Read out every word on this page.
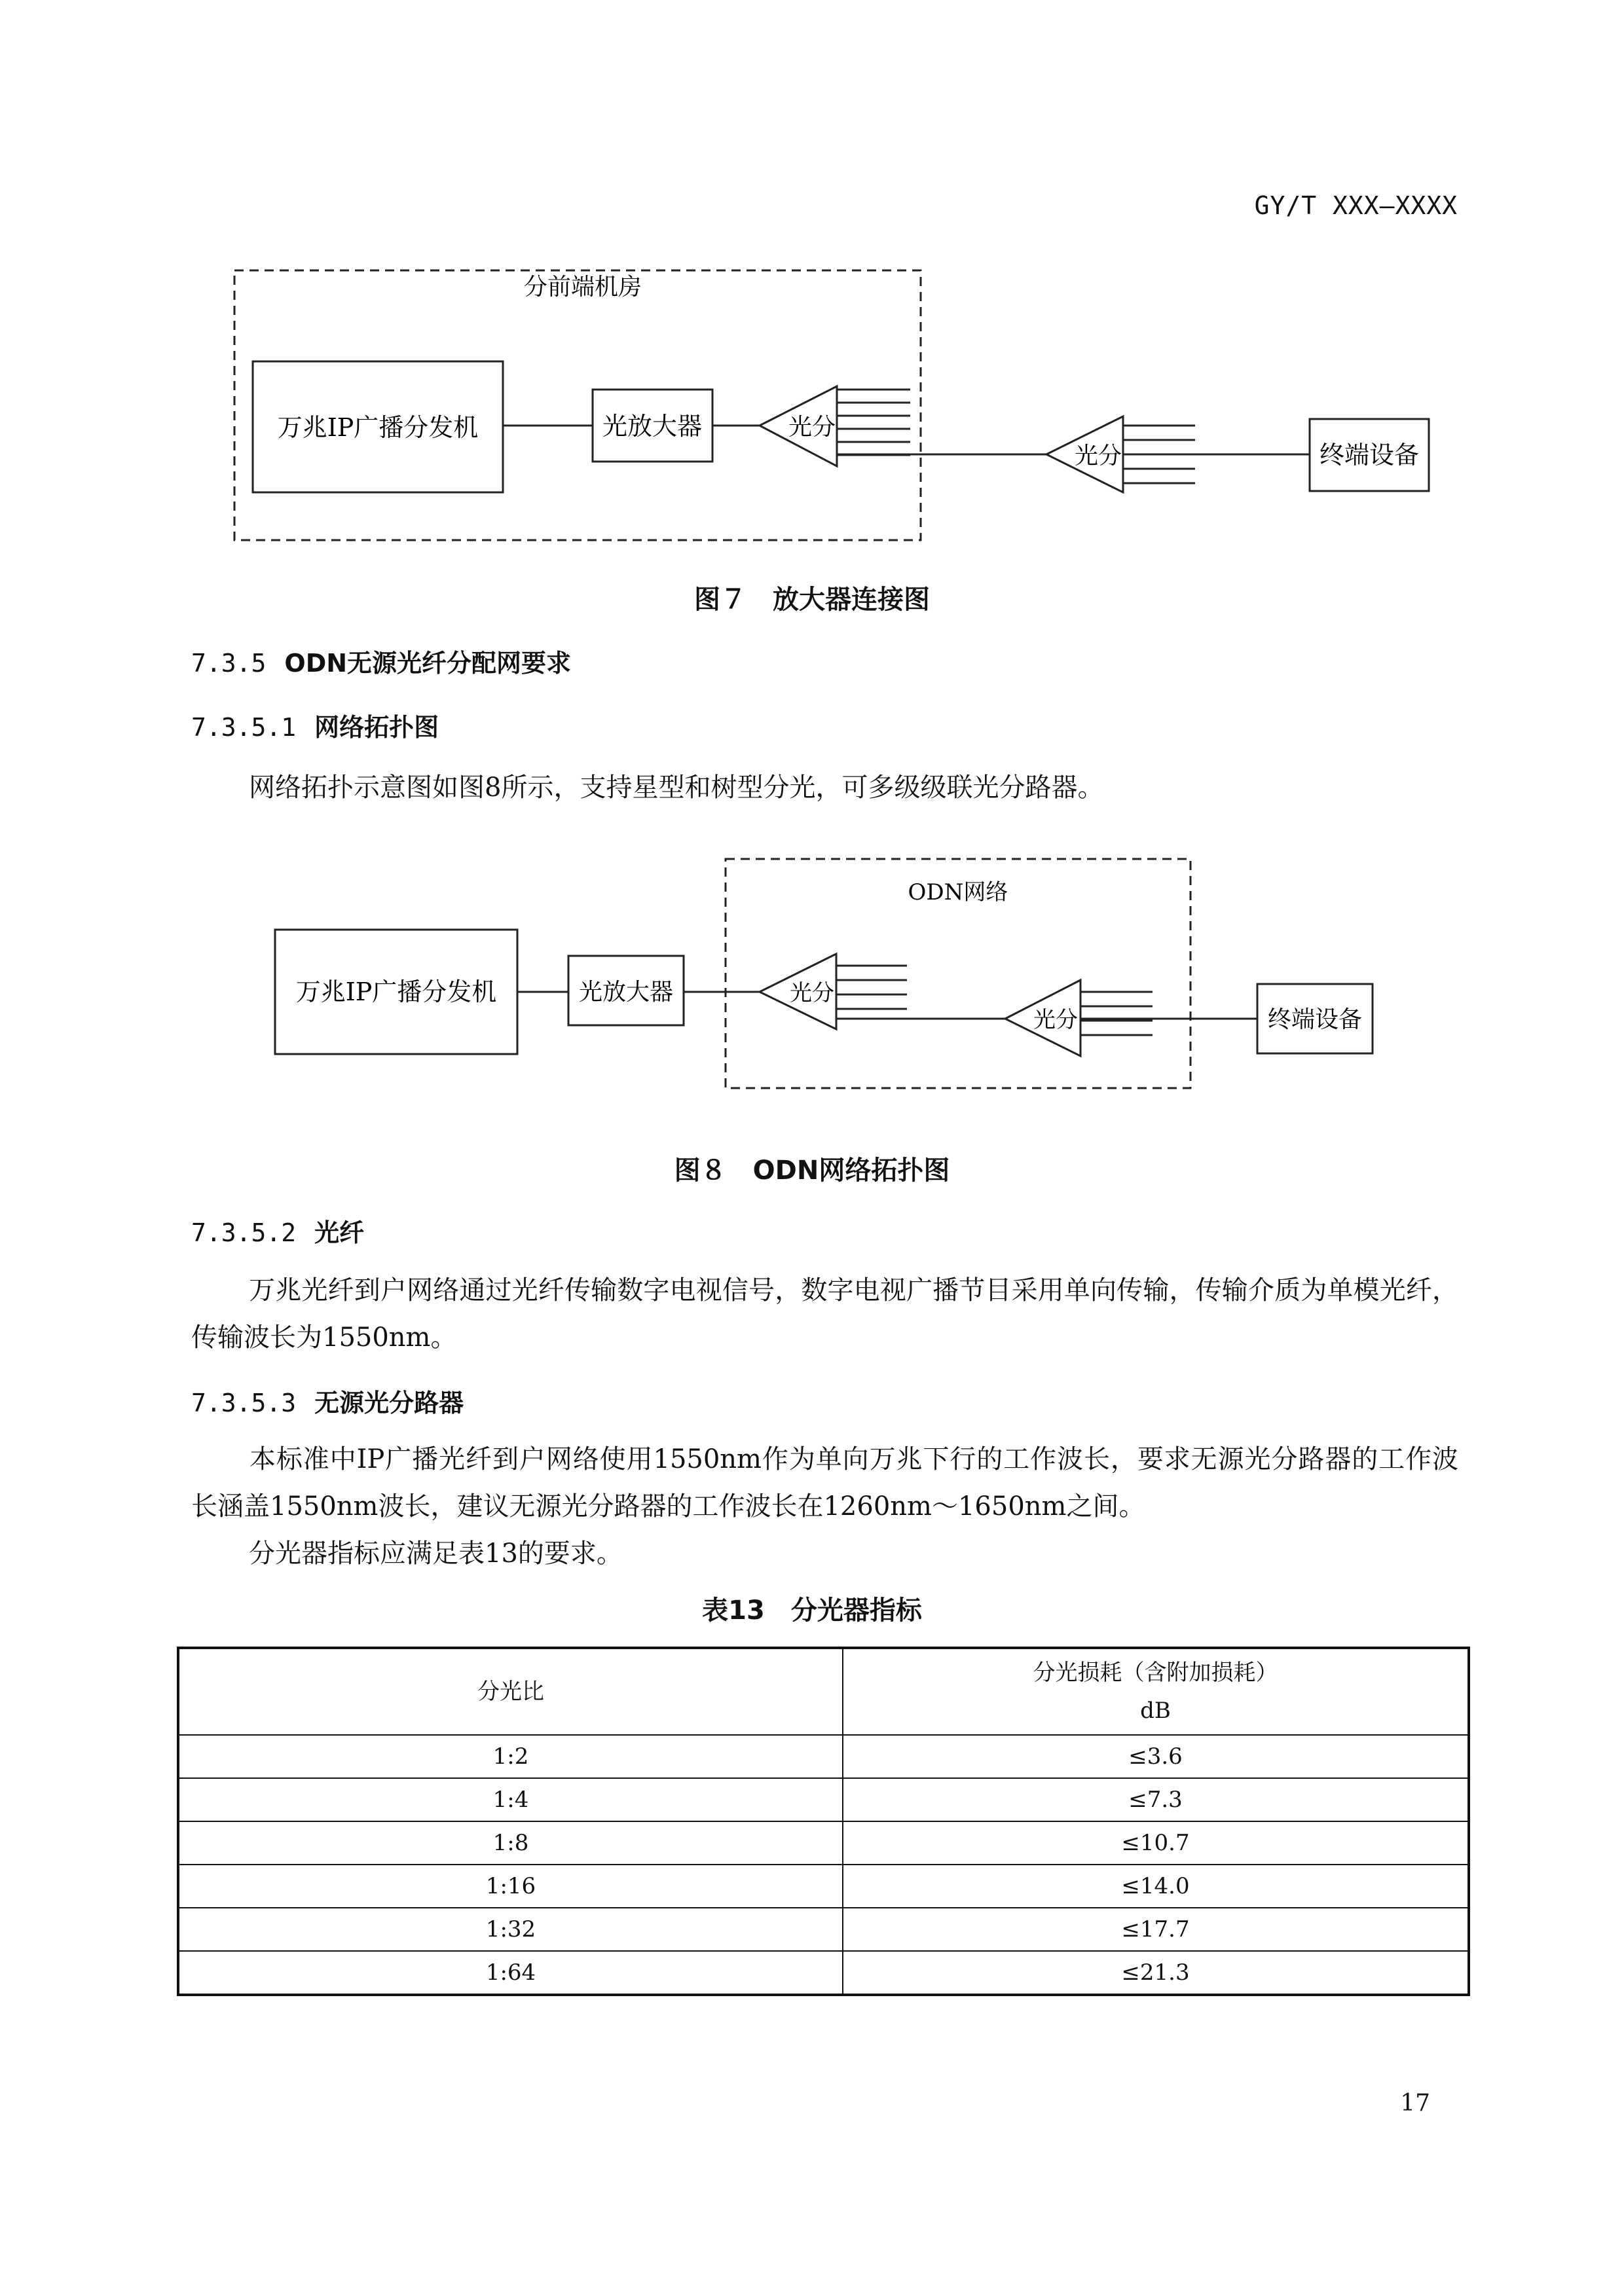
GY/T XXX—XXXX
分前端机房
万兆IP广播分发机	光放大器	光分
光分	终端设备
图７　放大器连接图
7.3.5 ODN无源光纤分配网要求
7.3.5.1 网络拓扑图
网络拓扑示意图如图8所示，支持星型和树型分光，可多级级联光分路器。
ODN网络
万兆IP广播分发机	光放大器	光分
光分	终端设备
图８　ODN网络拓扑图
7.3.5.2 光纤
万兆光纤到户网络通过光纤传输数字电视信号，数字电视广播节目采用单向传输，传输介质为单模光纤，传输波长为1550nm。
7.3.5.3 无源光分路器
本标准中IP广播光纤到户网络使用1550nm作为单向万兆下行的工作波长，要求无源光分路器的工作波长涵盖1550nm波长，建议无源光分路器的工作波长在1260nm～1650nm之间。
分光器指标应满足表13的要求。
表13　分光器指标
分光比	分光损耗（含附加损耗）
dB

1:2	≤3.6
1:4	≤7.3
1:8	≤10.7
1:16	≤14.0
1:32	≤17.7
1:64	≤21.3
17
